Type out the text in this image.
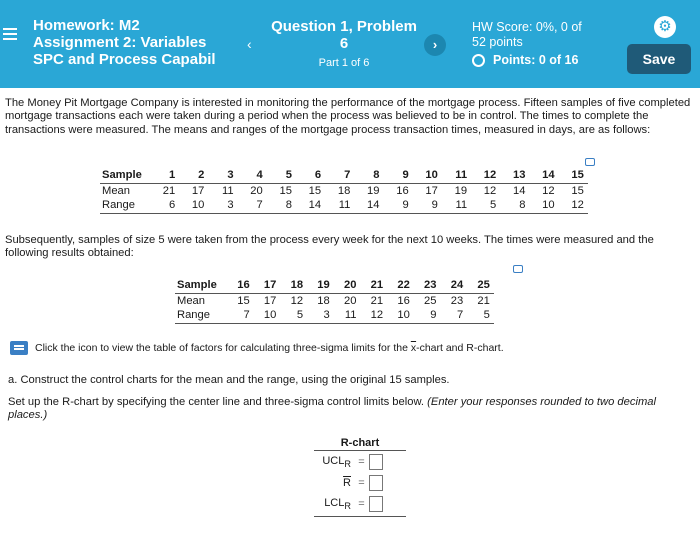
Homework: M2
Assignment 2: Variables
SPC and Process Capabil
‹
Question 1, Problem
6
Part 1 of 6
›
HW Score: 0%, 0 of
52 points
Points: 0 of 16
⚙
Save
The Money Pit Mortgage Company is interested in monitoring the performance of the mortgage process. Fifteen samples of five completed mortgage transactions each were taken during a period when the process was believed to be in control. The times to complete the transactions were measured. The means and ranges of the mortgage process transaction times, measured in days, are as follows:
Sample	1	2	3	4	5	6	7	8	9	10	11	12	13	14	15
Mean	21	17	11	20	15	15	18	19	16	17	19	12	14	12	15
Range	6	10	3	7	8	14	11	14	9	9	11	5	8	10	12
Subsequently, samples of size 5 were taken from the process every week for the next 10 weeks. The times were measured and the following results obtained:
Sample	16	17	18	19	20	21	22	23	24	25
Mean	15	17	12	18	20	21	16	25	23	21
Range	7	10	5	3	11	12	10	9	7	5
Click the icon to view the table of factors for calculating three-sigma limits for the $\overline{x}$-chart and R-chart.
a. Construct the control charts for the mean and the range, using the original 15 samples.
Set up the R-chart by specifying the center line and three-sigma control limits below. (Enter your responses rounded to two decimal places.)
R-chart
$UCL_R$ =
$\overline{R}$ =
$LCL_R$ =
